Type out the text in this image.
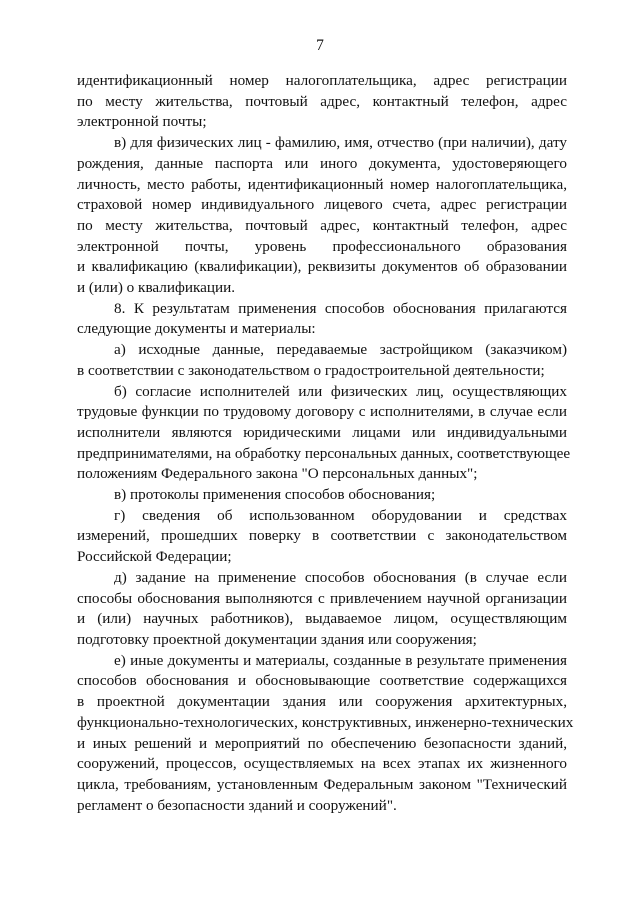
7
идентификационный номер налогоплательщика, адрес регистрации
по месту жительства, почтовый адрес, контактный телефон, адрес
электронной почты;
в) для физических лиц - фамилию, имя, отчество (при наличии), дату
рождения, данные паспорта или иного документа, удостоверяющего
личность, место работы, идентификационный номер налогоплательщика,
страховой номер индивидуального лицевого счета, адрес регистрации
по месту жительства, почтовый адрес, контактный телефон, адрес
электронной почты, уровень профессионального образования
и квалификацию (квалификации), реквизиты документов об образовании
и (или) о квалификации.
8. К результатам применения способов обоснования прилагаются
следующие документы и материалы:
а) исходные данные, передаваемые застройщиком (заказчиком)
в соответствии с законодательством о градостроительной деятельности;
б) согласие исполнителей или физических лиц, осуществляющих
трудовые функции по трудовому договору с исполнителями, в случае если
исполнители являются юридическими лицами или индивидуальными
предпринимателями, на обработку персональных данных, соответствующее
положениям Федерального закона "О персональных данных";
в) протоколы применения способов обоснования;
г) сведения об использованном оборудовании и средствах
измерений, прошедших поверку в соответствии с законодательством
Российской Федерации;
д) задание на применение способов обоснования (в случае если
способы обоснования выполняются с привлечением научной организации
и (или) научных работников), выдаваемое лицом, осуществляющим
подготовку проектной документации здания или сооружения;
е) иные документы и материалы, созданные в результате применения
способов обоснования и обосновывающие соответствие содержащихся
в проектной документации здания или сооружения архитектурных,
функционально-технологических, конструктивных, инженерно-технических
и иных решений и мероприятий по обеспечению безопасности зданий,
сооружений, процессов, осуществляемых на всех этапах их жизненного
цикла, требованиям, установленным Федеральным законом "Технический
регламент о безопасности зданий и сооружений".
